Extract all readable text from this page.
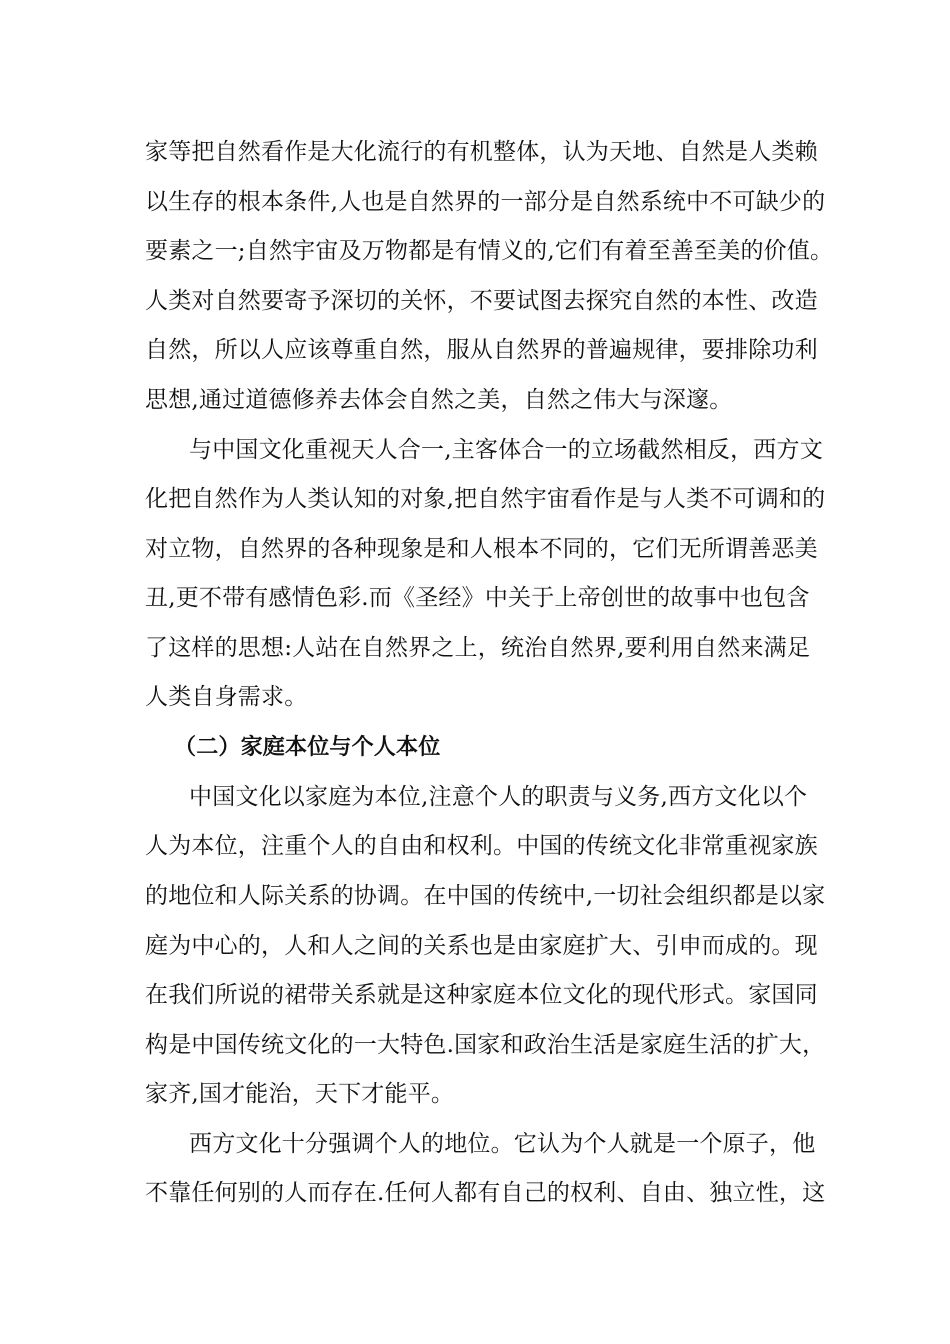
家等把自然看作是大化流行的有机整体，认为天地、自然是人类赖
以生存的根本条件,人也是自然界的一部分是自然系统中不可缺少的
要素之一;自然宇宙及万物都是有情义的,它们有着至善至美的价值。
人类对自然要寄予深切的关怀，不要试图去探究自然的本性、改造
自然，所以人应该尊重自然，服从自然界的普遍规律，要排除功利
思想,通过道德修养去体会自然之美，自然之伟大与深邃。
与中国文化重视天人合一,主客体合一的立场截然相反，西方文
化把自然作为人类认知的对象,把自然宇宙看作是与人类不可调和的
对立物，自然界的各种现象是和人根本不同的，它们无所谓善恶美
丑,更不带有感情色彩.而《圣经》中关于上帝创世的故事中也包含
了这样的思想:人站在自然界之上，统治自然界,要利用自然来满足
人类自身需求。
（二）家庭本位与个人本位
中国文化以家庭为本位,注意个人的职责与义务,西方文化以个
人为本位，注重个人的自由和权利。中国的传统文化非常重视家族
的地位和人际关系的协调。在中国的传统中,一切社会组织都是以家
庭为中心的，人和人之间的关系也是由家庭扩大、引申而成的。现
在我们所说的裙带关系就是这种家庭本位文化的现代形式。家国同
构是中国传统文化的一大特色.国家和政治生活是家庭生活的扩大，
家齐,国才能治，天下才能平。
西方文化十分强调个人的地位。它认为个人就是一个原子，他
不靠任何别的人而存在.任何人都有自己的权利、自由、独立性，这
